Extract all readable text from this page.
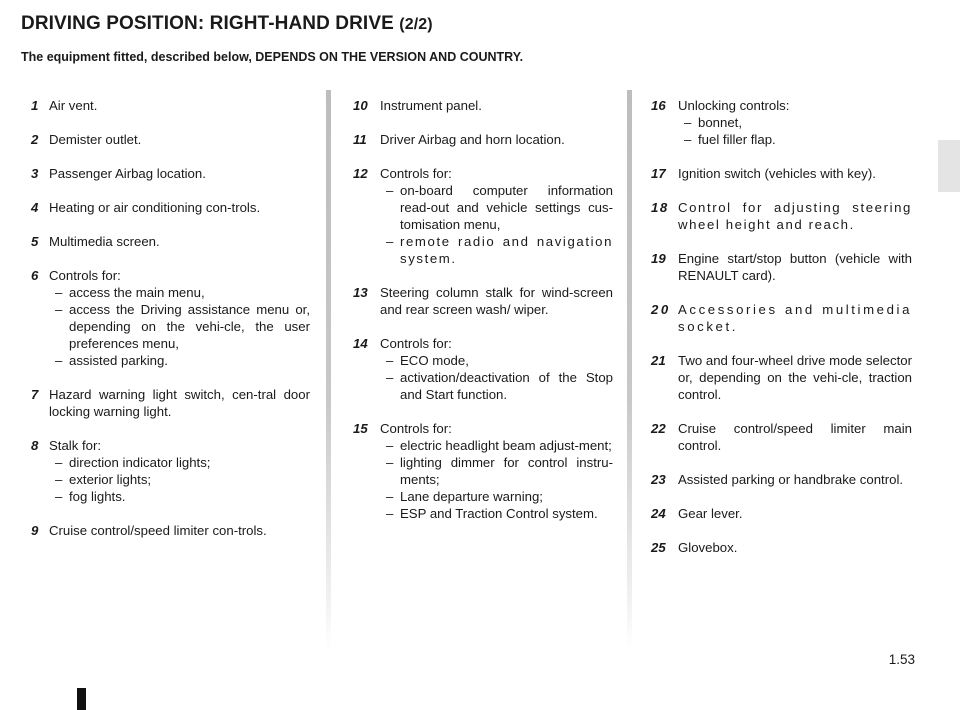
DRIVING POSITION: RIGHT-HAND DRIVE (2/2)
The equipment fitted, described below, DEPENDS ON THE VERSION AND COUNTRY.
1 Air vent.
2 Demister outlet.
3 Passenger Airbag location.
4 Heating or air conditioning con-trols.
5 Multimedia screen.
6 Controls for:
– access the main menu,
– access the Driving assistance menu or, depending on the vehi-cle, the user preferences menu,
– assisted parking.
7 Hazard warning light switch, cen-tral door locking warning light.
8 Stalk for:
– direction indicator lights;
– exterior lights;
– fog lights.
9 Cruise control/speed limiter con-trols.
10 Instrument panel.
11 Driver Airbag and horn location.
12 Controls for:
– on-board computer information read-out and vehicle settings cus-tomisation menu,
– remote radio and navigation system.
13 Steering column stalk for wind-screen and rear screen wash/ wiper.
14 Controls for:
– ECO mode,
– activation/deactivation of the Stop and Start function.
15 Controls for:
– electric headlight beam adjust-ment;
– lighting dimmer for control instru-ments;
– Lane departure warning;
– ESP and Traction Control system.
16 Unlocking controls:
– bonnet,
– fuel filler flap.
17 Ignition switch (vehicles with key).
18 Control for adjusting steering wheel height and reach.
19 Engine start/stop button (vehicle with RENAULT card).
20 Accessories and multimedia socket.
21 Two and four-wheel drive mode selector or, depending on the vehi-cle, traction control.
22 Cruise control/speed limiter main control.
23 Assisted parking or handbrake control.
24 Gear lever.
25 Glovebox.
1.53
